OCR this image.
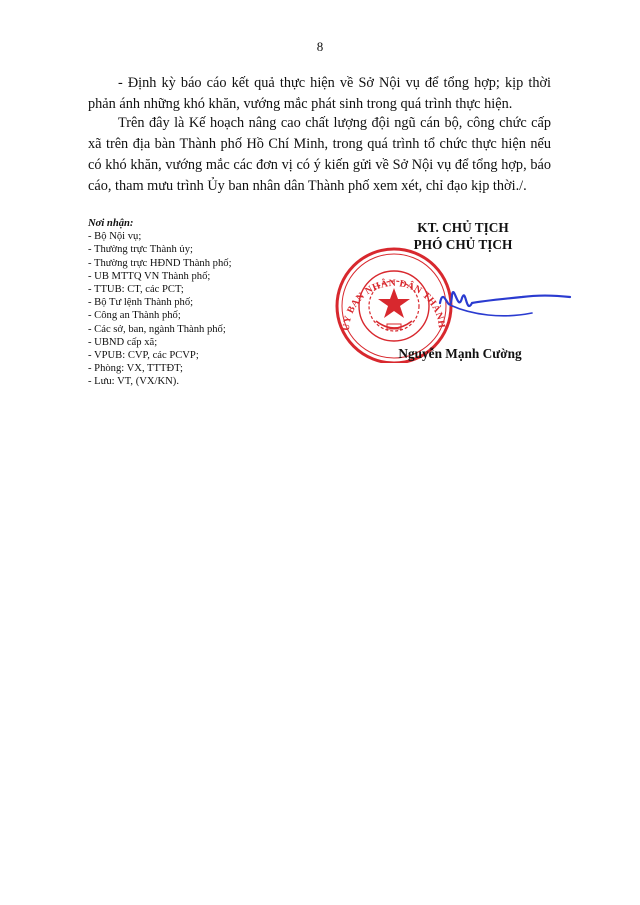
8

- Định kỳ báo cáo kết quả thực hiện về Sở Nội vụ để tổng hợp; kịp thời phản ánh những khó khăn, vướng mắc phát sinh trong quá trình thực hiện.

Trên đây là Kế hoạch nâng cao chất lượng đội ngũ cán bộ, công chức cấp xã trên địa bàn Thành phố Hồ Chí Minh, trong quá trình tổ chức thực hiện nếu có khó khăn, vướng mắc các đơn vị có ý kiến gửi về Sở Nội vụ để tổng hợp, báo cáo, tham mưu trình Ủy ban nhân dân Thành phố xem xét, chỉ đạo kịp thời./.

Nơi nhận:
- Bộ Nội vụ;
- Thường trực Thành ủy;
- Thường trực HĐND Thành phố;
- UB MTTQ VN Thành phố;
- TTUB: CT, các PCT;
- Bộ Tư lệnh Thành phố;
- Công an Thành phố;
- Các sở, ban, ngành Thành phố;
- UBND cấp xã;
- VPUB: CVP, các PCVP;
- Phòng: VX, TTTĐT;
- Lưu: VT, (VX/KN).
KT. CHỦ TỊCH
PHÓ CHỦ TỊCH
ỦY BAN NHÂN DÂN THÀNH
Nguyễn Mạnh Cường
